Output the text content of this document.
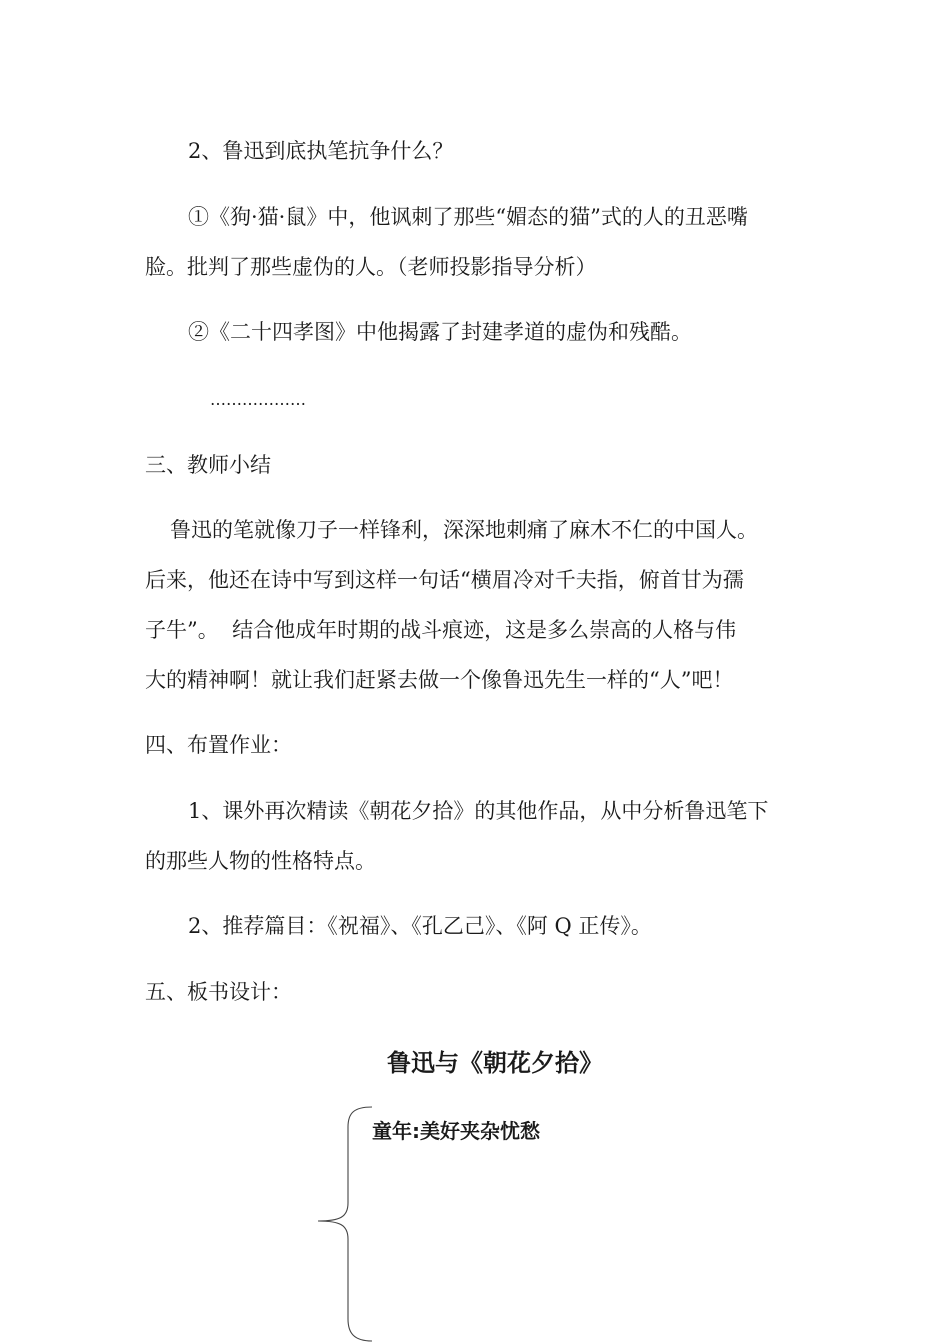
2、鲁迅到底执笔抗争什么？

①《狗·猫·鼠》中，他讽刺了那些“媚态的猫”式的人的丑恶嘴

脸。批判了那些虚伪的人。（老师投影指导分析）

②《二十四孝图》中他揭露了封建孝道的虚伪和残酷。

………………

三、教师小结

鲁迅的笔就像刀子一样锋利，深深地刺痛了麻木不仁的中国人。

后来，他还在诗中写到这样一句话“横眉冷对千夫指，俯首甘为孺

子牛”。  结合他成年时期的战斗痕迹，这是多么崇高的人格与伟

大的精神啊！就让我们赶紧去做一个像鲁迅先生一样的“人”吧！

四、布置作业：

1、课外再次精读《朝花夕拾》的其他作品，从中分析鲁迅笔下

的那些人物的性格特点。

2、推荐篇目：《祝福》、《孔乙己》、《阿 Q 正传》。

五、板书设计：

鲁迅与《朝花夕拾》

童年:美好夹杂忧愁
